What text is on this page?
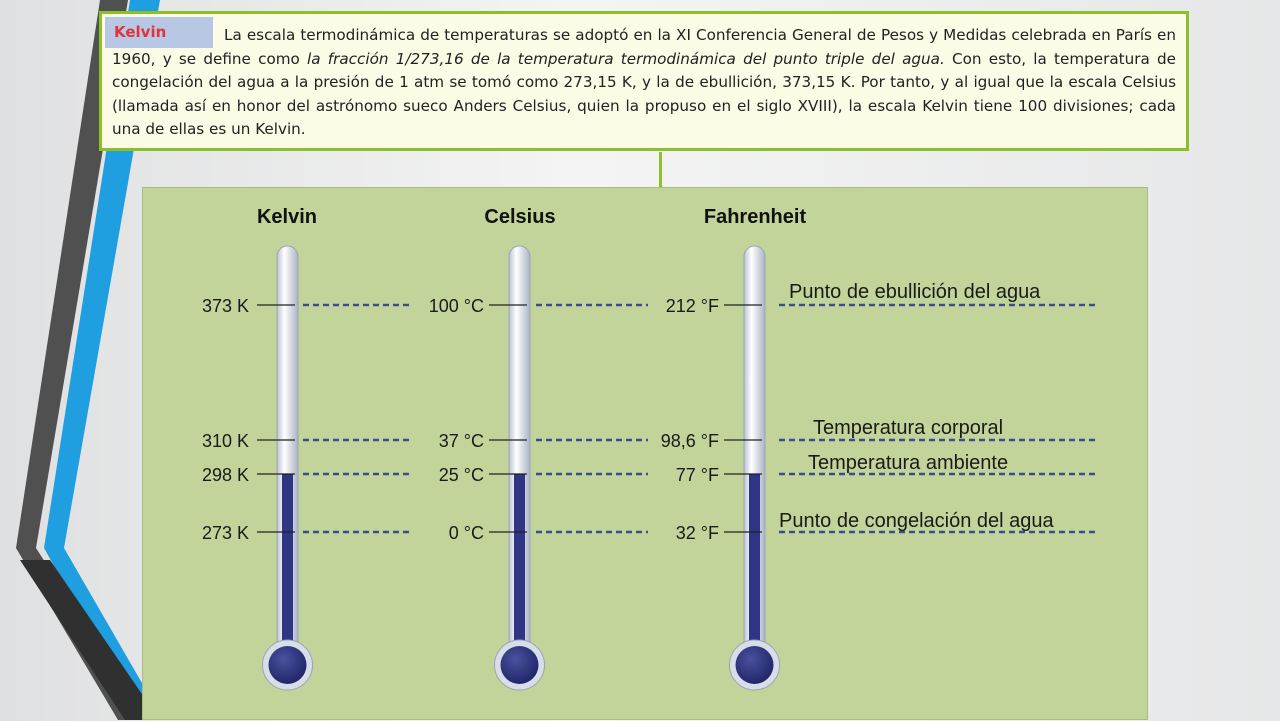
La escala termodinámica de temperaturas se adoptó en la XI Conferencia General de Pesos y Medidas celebrada en París en 1960, y se define como la fracción 1/273,16 de la temperatura termodinámica del punto triple del agua. Con esto, la temperatura de congelación del agua a la presión de 1 atm se tomó como 273,15 K, y la de ebullición, 373,15 K. Por tanto, y al igual que la escala Celsius (llamada así en honor del astrónomo sueco Anders Celsius, quien la propuso en el siglo XVIII), la escala Kelvin tiene 100 divisiones; cada una de ellas es un Kelvin.

Kelvin
Kelvin	Celsius	Fahrenheit
373 K	100 °C	212 °F
Punto de ebullición del agua
310 K	37 °C	98,6 °F
Temperatura corporal
298 K	25 °C	77 °F
Temperatura ambiente
273 K	0 °C	32 °F
Punto de congelación del agua
